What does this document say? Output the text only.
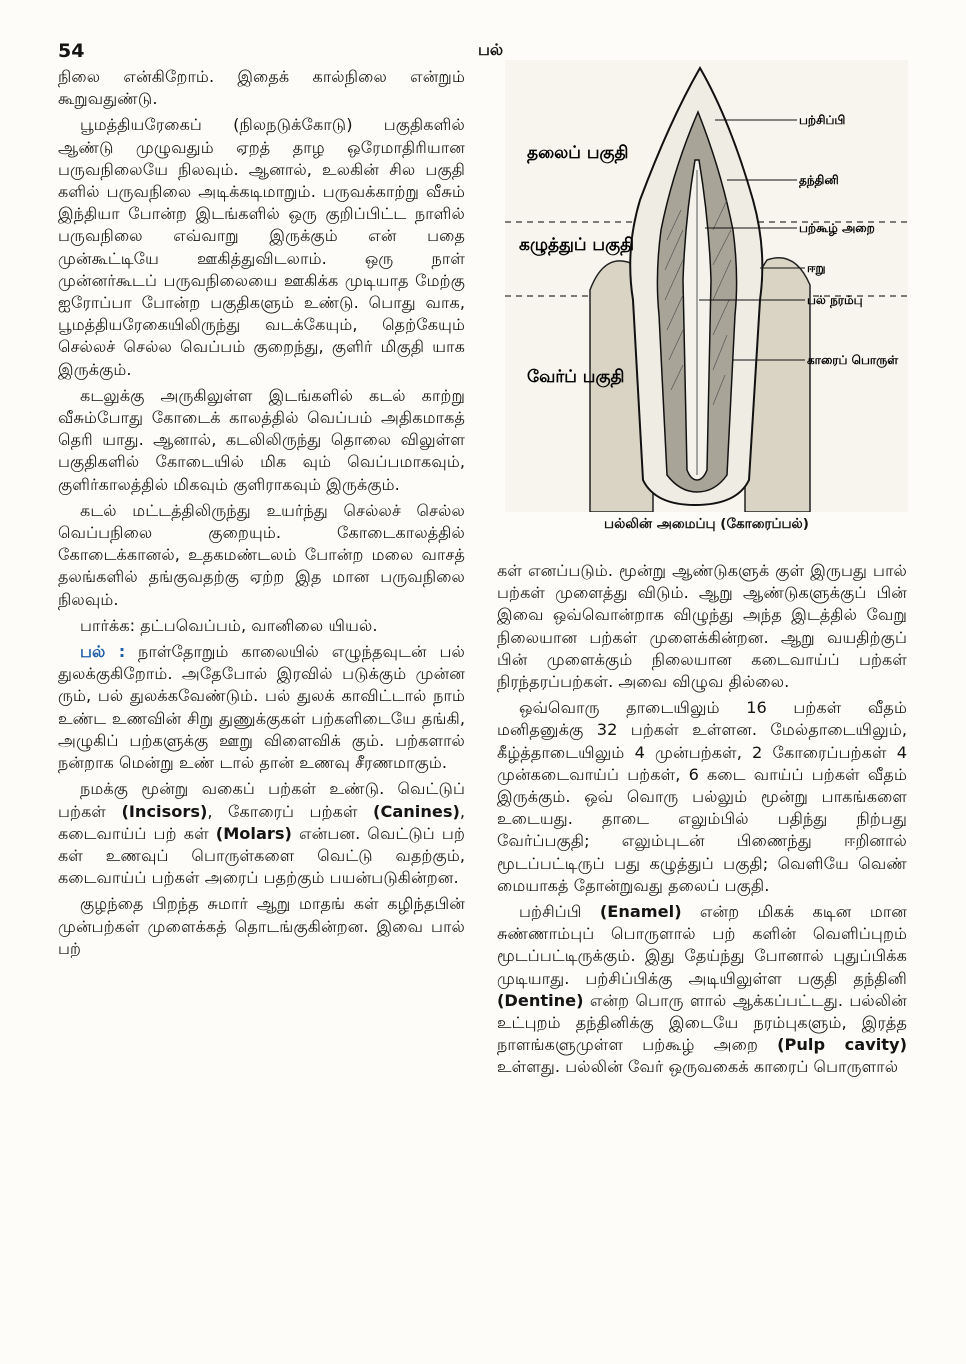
54	பல்

நிலை என்கிறோம். இதைக் கால்நிலை என்றும் கூறுவதுண்டு.

பூமத்தியரேகைப் (நிலநடுக்கோடு) பகுதிகளில் ஆண்டு முழுவதும் ஏறத் தாழ ஒரேமாதிரியான பருவநிலையே நிலவும். ஆனால், உலகின் சில பகுதி களில் பருவநிலை அடிக்கடிமாறும். பருவக்காற்று வீசும் இந்தியா போன்ற இடங்களில் ஒரு குறிப்பிட்ட நாளில் பருவநிலை எவ்வாறு இருக்கும் என் பதை முன்கூட்டியே ஊகித்துவிடலாம். ஒரு நாள் முன்னர்கூடப் பருவநிலையை ஊகிக்க முடியாத மேற்கு ஐரோப்பா போன்ற பகுதிகளும் உண்டு. பொது வாக, பூமத்தியரேகையிலிருந்து வடக்கேயும், தெற்கேயும் செல்லச் செல்ல வெப்பம் குறைந்து, குளிர் மிகுதி யாக இருக்கும்.

கடலுக்கு அருகிலுள்ள இடங்களில் கடல் காற்று வீசும்போது கோடைக் காலத்தில் வெப்பம் அதிகமாகத் தெரி யாது. ஆனால், கடலிலிருந்து தொலை விலுள்ள பகுதிகளில் கோடையில் மிக வும் வெப்பமாகவும், குளிர்காலத்தில் மிகவும் குளிராகவும் இருக்கும்.

கடல் மட்டத்திலிருந்து உயர்ந்து செல்லச் செல்ல வெப்பநிலை குறையும். கோடைகாலத்தில் கோடைக்கானல், உதகமண்டலம் போன்ற மலை வாசத் தலங்களில் தங்குவதற்கு ஏற்ற இத மான பருவநிலை நிலவும்.

பார்க்க: தட்பவெப்பம், வானிலை யியல்.

பல் : நாள்தோறும் காலையில் எழுந்தவுடன் பல் துலக்குகிறோம். அதேபோல் இரவில் படுக்கும் முன்ன ரும், பல் துலக்கவேண்டும். பல் துலக் காவிட்டால் நாம் உண்ட உணவின் சிறு துணுக்குகள் பற்களிடையே தங்கி, அழுகிப் பற்களுக்கு ஊறு விளைவிக் கும். பற்களால் நன்றாக மென்று உண் டால் தான் உணவு சீரணமாகும்.

நமக்கு மூன்று வகைப் பற்கள் உண்டு. வெட்டுப் பற்கள் (Incisors), கோரைப் பற்கள் (Canines), கடைவாய்ப் பற் கள் (Molars) என்பன. வெட்டுப் பற் கள் உணவுப் பொருள்களை வெட்டு வதற்கும், கடைவாய்ப் பற்கள் அரைப் பதற்கும் பயன்படுகின்றன.

குழந்தை பிறந்த சுமார் ஆறு மாதங் கள் கழிந்தபின் முன்பற்கள் முளைக்கத் தொடங்குகின்றன. இவை பால் பற்

தலைப் பகுதி
கழுத்துப் பகுதி
வேர்ப் பகுதி
பற்சிப்பி
தந்தினி
பற்கூழ் அறை
ஈறு
பல் நரம்பு
காரைப் பொருள்
பல்லின் அமைப்பு (கோரைப்பல்)

கள் எனப்படும். மூன்று ஆண்டுகளுக் குள் இருபது பால் பற்கள் முளைத்து விடும். ஆறு ஆண்டுகளுக்குப் பின் இவை ஒவ்வொன்றாக விழுந்து அந்த இடத்தில் வேறு நிலையான பற்கள் முளைக்கின்றன. ஆறு வயதிற்குப் பின் முளைக்கும் நிலையான கடைவாய்ப் பற்கள் நிரந்தரப்பற்கள். அவை விழுவ தில்லை.

ஒவ்வொரு தாடையிலும் 16 பற்கள் வீதம் மனிதனுக்கு 32 பற்கள் உள்ளன. மேல்தாடையிலும், கீழ்த்தாடையிலும் 4 முன்பற்கள், 2 கோரைப்பற்கள் 4 முன்கடைவாய்ப் பற்கள், 6 கடை வாய்ப் பற்கள் வீதம் இருக்கும். ஒவ் வொரு பல்லும் மூன்று பாகங்களை உடையது. தாடை எலும்பில் பதிந்து நிற்பது வேர்ப்பகுதி; எலும்புடன் பிணைந்து ஈறினால் மூடப்பட்டிருப் பது கழுத்துப் பகுதி; வெளியே வெண் மையாகத் தோன்றுவது தலைப் பகுதி.

பற்சிப்பி (Enamel) என்ற மிகக் கடின மான சுண்ணாம்புப் பொருளால் பற் களின் வெளிப்புறம் மூடப்பட்டிருக்கும். இது தேய்ந்து போனால் புதுப்பிக்க முடியாது. பற்சிப்பிக்கு அடியிலுள்ள பகுதி தந்தினி (Dentine) என்ற பொரு ளால் ஆக்கப்பட்டது. பல்லின் உட்புறம் தந்தினிக்கு இடையே நரம்புகளும், இரத்த நாளங்களுமுள்ள பற்கூழ் அறை (Pulp cavity) உள்ளது. பல்லின் வேர் ஒருவகைக் காரைப் பொருளால்
